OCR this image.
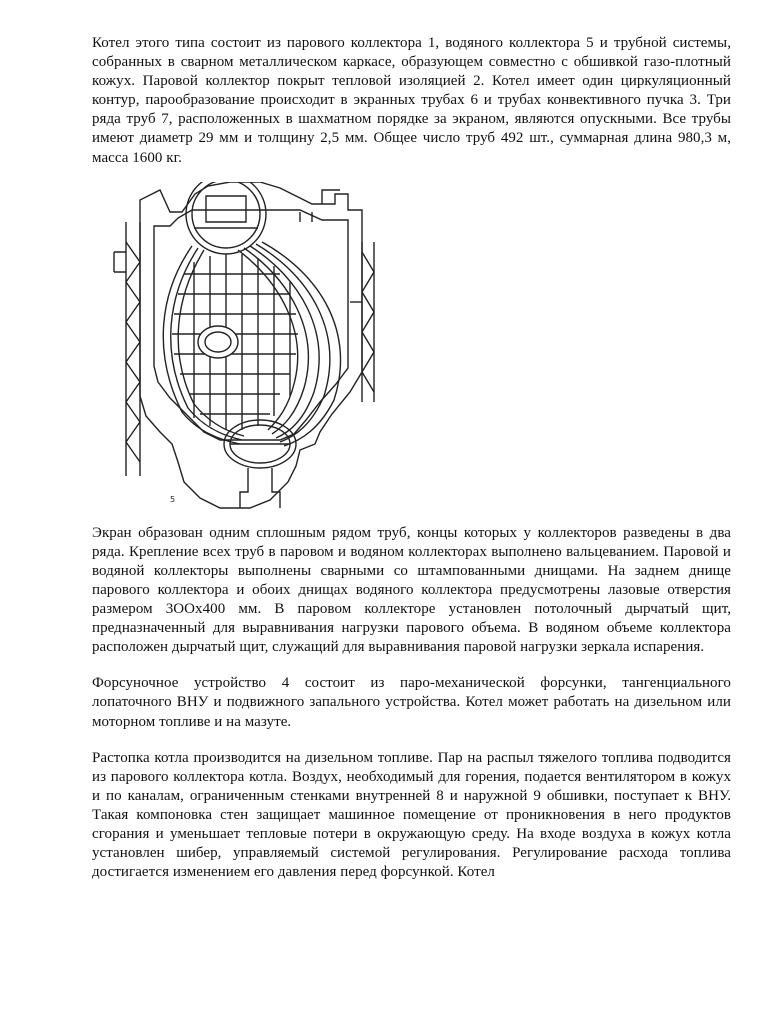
Котел этого типа состоит из парового коллектора 1, водяного коллектора 5 и трубной системы, собранных в сварном металлическом каркасе, образующем совместно с обшивкой газо-плотный кожух. Паровой коллектор покрыт тепловой изоляцией 2. Котел имеет один циркуляционный контур, парообразование происходит в экранных трубах 6 и трубах конвективного пучка 3. Три ряда труб 7, расположенных в шахматном порядке за экраном, являются опускными. Все трубы имеют диаметр 29 мм и толщину 2,5 мм. Общее число труб 492 шт., суммарная длина 980,3 м, масса 1600 кг.

5

Экран образован одним сплошным рядом труб, концы которых у коллекторов разведены в два ряда. Крепление всех труб в паровом и водяном коллекторах выполнено вальцеванием. Паровой и водяной коллекторы выполнены сварными со штампованными днищами. На заднем днище парового коллектора и обоих днищах водяного коллектора предусмотрены лазовые отверстия размером 3OOx400 мм. В паровом коллекторе установлен потолочный дырчатый щит, предназначенный для выравнивания нагрузки парового объема. В водяном объеме коллектора расположен дырчатый щит, служащий для выравнивания паровой нагрузки зеркала испарения.

Форсуночное устройство 4 состоит из паро-механической форсунки, тангенциального лопаточного ВНУ и подвижного запального устройства. Котел может работать на дизельном или моторном топливе и на мазуте.

Растопка котла производится на дизельном топливе. Пар на распыл тяжелого топлива подводится из парового коллектора котла. Воздух, необходимый для горения, подается вентилятором в кожух и по каналам, ограниченным стенками внутренней 8 и наружной 9 обшивки, поступает к ВНУ. Такая компоновка стен защищает машинное помещение от проникновения в него продуктов сгорания и уменьшает тепловые потери в окружающую среду. На входе воздуха в кожух котла установлен шибер, управляемый системой регулирования. Регулирование расхода топлива достигается изменением его давления перед форсункой. Котел
